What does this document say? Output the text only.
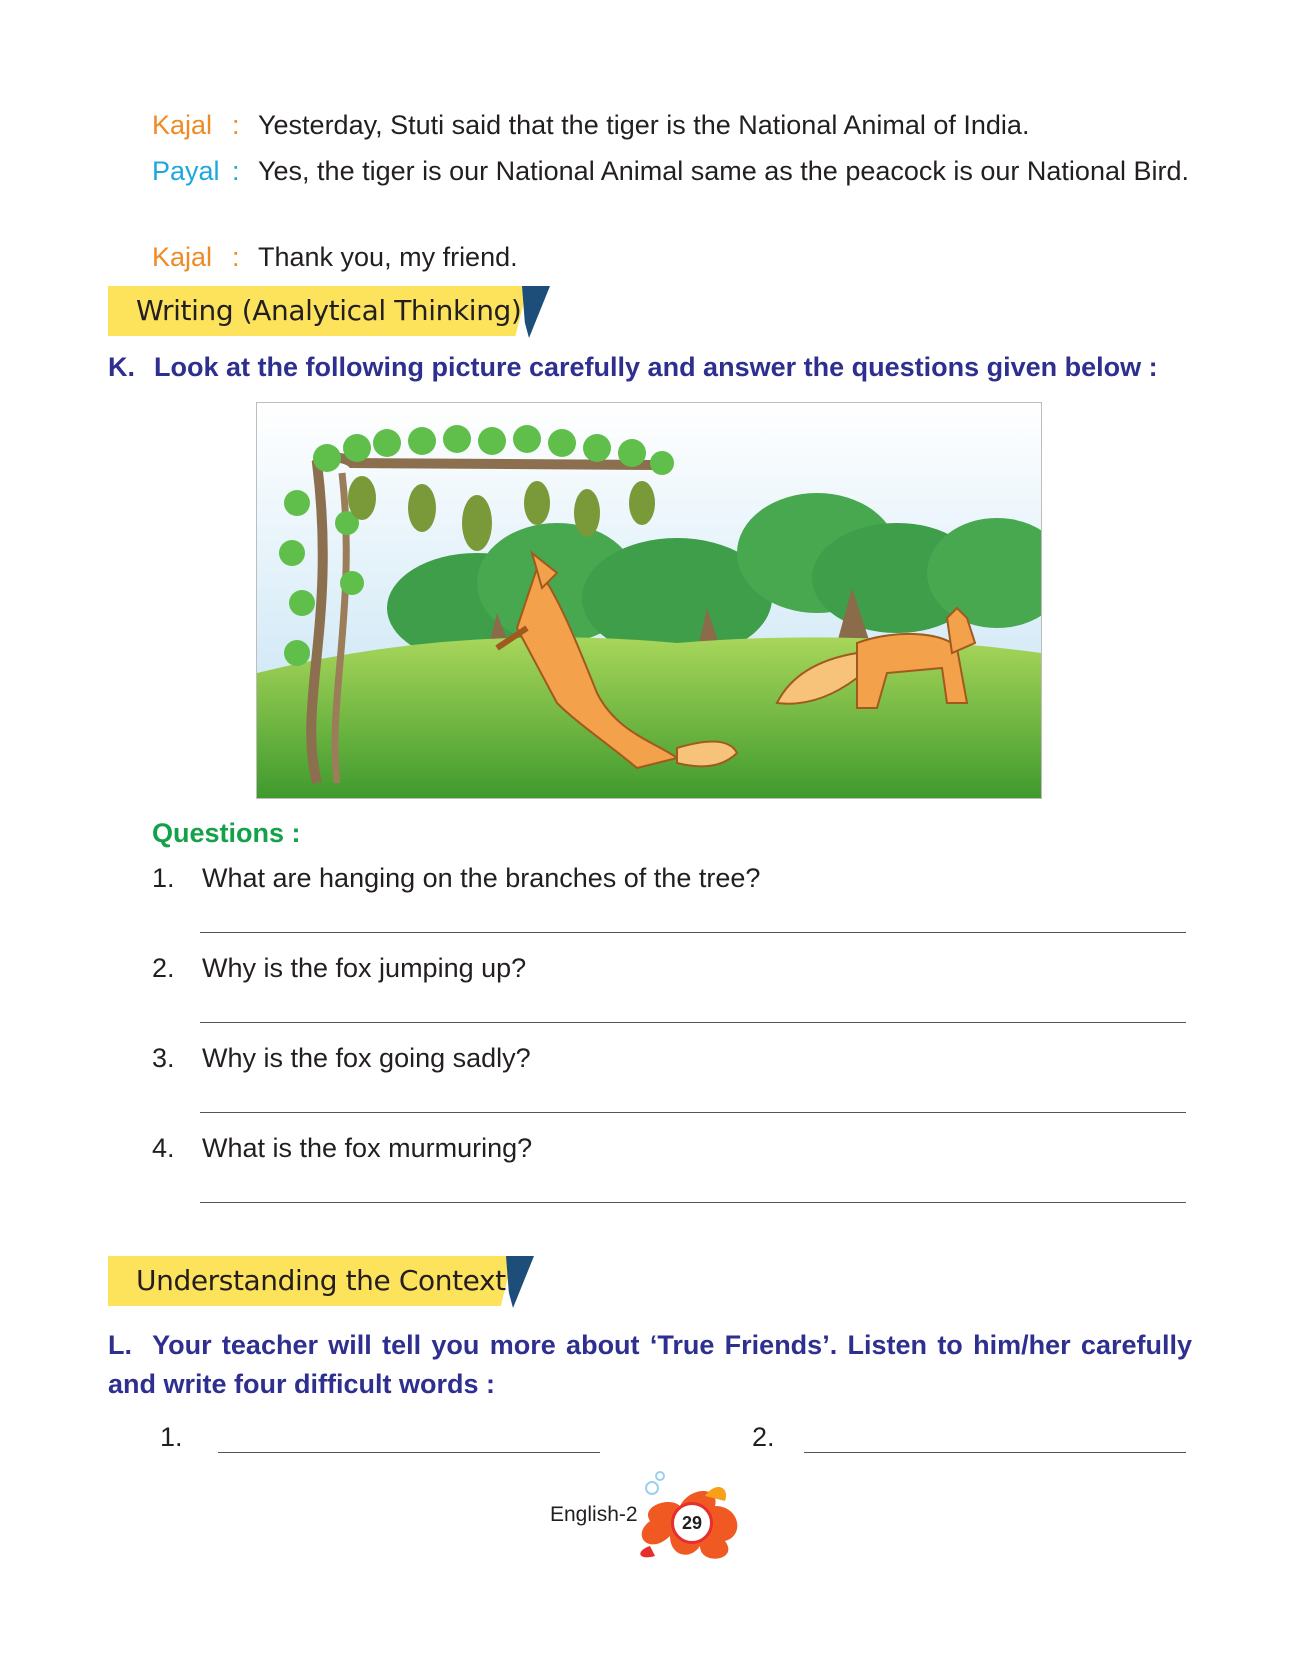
Kajal : Yesterday, Stuti said that the tiger is the National Animal of India.
Payal : Yes, the tiger is our National Animal same as the peacock is our National Bird.
Kajal : Thank you, my friend.
Writing (Analytical Thinking)
K. Look at the following picture carefully and answer the questions given below :
Questions :
1. What are hanging on the branches of the tree?
2. Why is the fox jumping up?
3. Why is the fox going sadly?
4. What is the fox murmuring?
Understanding the Context
L. Your teacher will tell you more about ‘True Friends’. Listen to him/her carefully and write four difficult words :
1.	2.
English-2	29
